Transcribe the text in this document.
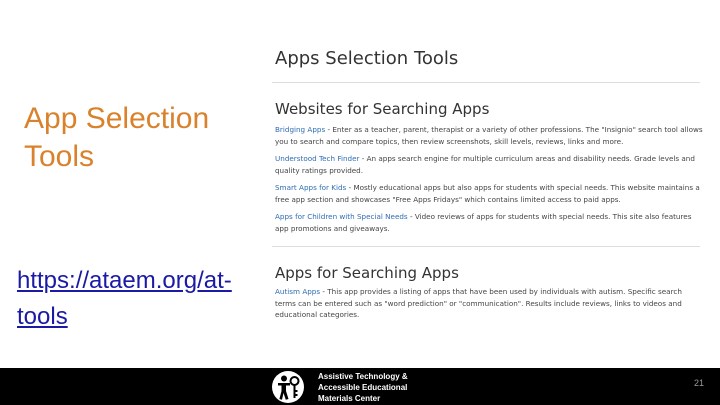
App Selection Tools
https://ataem.org/at-tools
Apps Selection Tools
Websites for Searching Apps

Bridging Apps - Enter as a teacher, parent, therapist or a variety of other professions. The "Insignio" search tool allows you to search and compare topics, then review screenshots, skill levels, reviews, links and more.

Understood Tech Finder - An apps search engine for multiple curriculum areas and disability needs. Grade levels and quality ratings provided.

Smart Apps for Kids - Mostly educational apps but also apps for students with special needs. This website maintains a free app section and showcases "Free Apps Fridays" which contains limited access to paid apps.

Apps for Children with Special Needs - Video reviews of apps for students with special needs. This site also features app promotions and giveaways.

Apps for Searching Apps

Autism Apps - This app provides a listing of apps that have been used by individuals with autism. Specific search terms can be entered such as "word prediction" or "communication". Results include reviews, links to videos and educational categories.

Assistive Technology &
Accessible Educational
Materials Center
21
